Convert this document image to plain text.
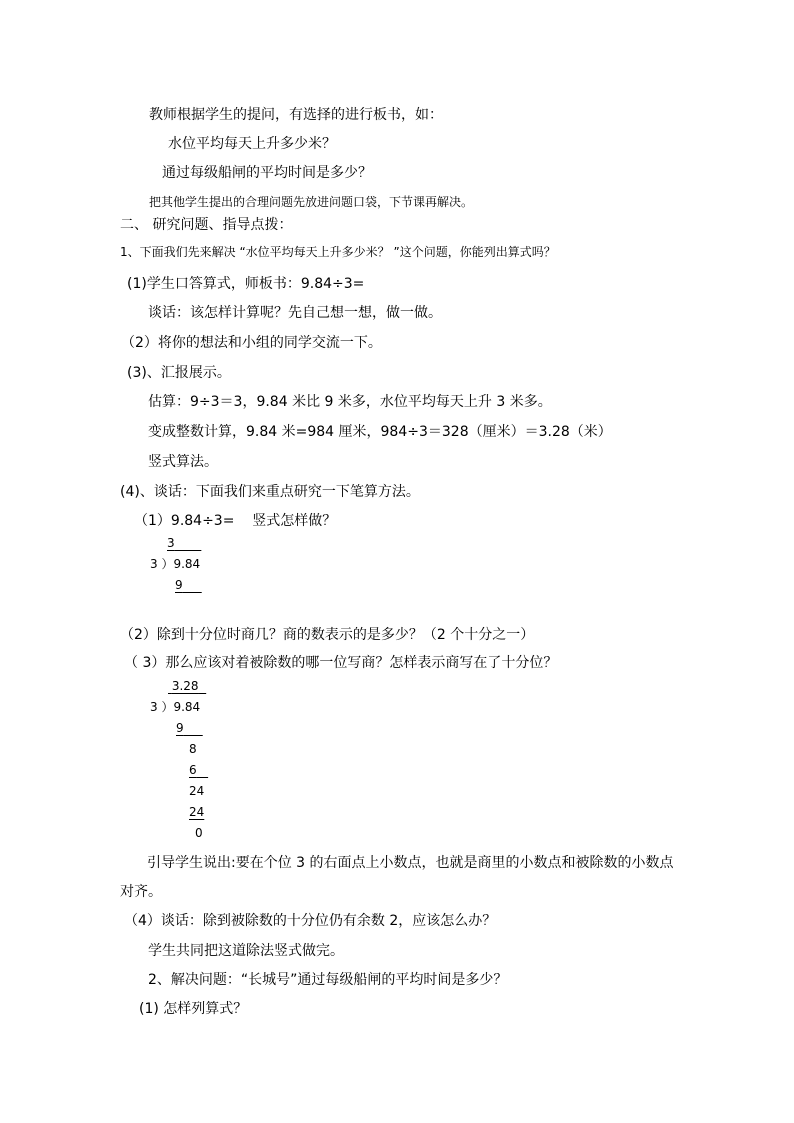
教师根据学生的提问，有选择的进行板书，如：
水位平均每天上升多少米？
通过每级船闸的平均时间是多少？
把其他学生提出的合理问题先放进问题口袋，下节课再解决。
二、 研究问题、指导点拨：
1、下面我们先来解决 “水位平均每天上升多少米？ ”这个问题，你能列出算式吗？
(1)学生口答算式，师板书：9.84÷3=
谈话：该怎样计算呢？先自己想一想，做一做。
（2）将你的想法和小组的同学交流一下。
(3)、汇报展示。
估算：9÷3＝3，9.84 米比 9 米多，水位平均每天上升 3 米多。
变成整数计算，9.84 米=984 厘米，984÷3＝328（厘米）＝3.28（米）
竖式算法。
(4)、谈话：下面我们来重点研究一下笔算方法。
（1）9.84÷3=    竖式怎样做？
3
3 ）9.84
9
（2）除到十分位时商几？商的数表示的是多少？（2 个十分之一）
（ 3）那么应该对着被除数的哪一位写商？怎样表示商写在了十分位？
3.28
3 ）9.84
9
8
6
24
24
0
引导学生说出:要在个位 3 的右面点上小数点，也就是商里的小数点和被除数的小数点
对齐。
（4）谈话：除到被除数的十分位仍有余数 2，应该怎么办？
学生共同把这道除法竖式做完。
2、解决问题：“长城号”通过每级船闸的平均时间是多少？
(1) 怎样列算式？
